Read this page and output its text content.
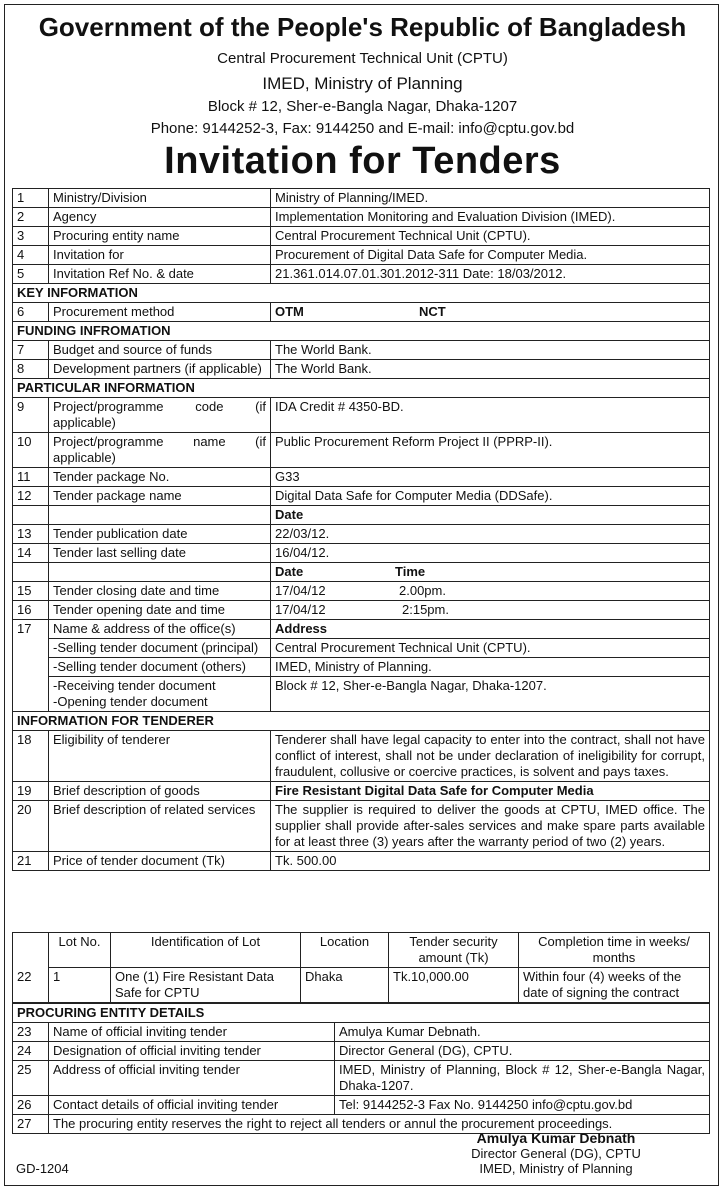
Government of the People's Republic of Bangladesh
Central Procurement Technical Unit (CPTU)
IMED, Ministry of Planning
Block # 12, Sher-e-Bangla Nagar, Dhaka-1207
Phone: 9144252-3, Fax: 9144250 and E-mail: info@cptu.gov.bd
Invitation for Tenders
1	Ministry/Division	Ministry of Planning/IMED.
2	Agency	Implementation Monitoring and Evaluation Division (IMED).
3	Procuring entity name	Central Procurement Technical Unit (CPTU).
4	Invitation for	Procurement of Digital Data Safe for Computer Media.
5	Invitation Ref No. & date	21.361.014.07.01.301.2012-311 Date: 18/03/2012.
KEY INFORMATION		
6	Procurement method	OTM NCT
FUNDING INFROMATION		
7	Budget and source of funds	The World Bank.
8	Development partners (if applicable)	The World Bank.
PARTICULAR INFORMATION		
9	Project/programme code (if applicable)	IDA Credit # 4350-BD.
10	Project/programme name (if applicable)	Public Procurement Reform Project II (PPRP-II).
11	Tender package No.	G33
12	Tender package name	Digital Data Safe for Computer Media (DDSafe).
		Date
13	Tender publication date	22/03/12.
14	Tender last selling date	16/04/12.
		Date Time
15	Tender closing date and time	17/04/12 2.00pm.
16	Tender opening date and time	17/04/12 2:15pm.
17	Name & address of the office(s)	Address
	-Selling tender document (principal)	Central Procurement Technical Unit (CPTU).
	-Selling tender document (others)	IMED, Ministry of Planning.

	-Receiving tender document
-Opening tender document	Block # 12, Sher-e-Bangla Nagar, Dhaka-1207.
INFORMATION FOR TENDERER		
18	Eligibility of tenderer	Tenderer shall have legal capacity to enter into the contract, shall not have conflict of interest, shall not be under declaration of ineligibility for corrupt, fraudulent, collusive or coercive practices, is solvent and pays taxes.
19	Brief description of goods	Fire Resistant Digital Data Safe for Computer Media
20	Brief description of related services	The supplier is required to deliver the goods at CPTU, IMED office. The supplier shall provide after-sales services and make spare parts available for at least three (3) years after the warranty period of two (2) years.
21	Price of tender document (Tk)	Tk. 500.00
	Lot No.	Identification of Lot	Location	Tender security amount (Tk)	Completion time in weeks/ months
22	1	One (1) Fire Resistant Data Safe for CPTU	Dhaka	Tk.10,000.00	Within four (4) weeks of the date of signing the contract
PROCURING ENTITY DETAILS		
23	Name of official inviting tender	Amulya Kumar Debnath.
24	Designation of official inviting tender	Director General (DG), CPTU.
25	Address of official inviting tender	IMED, Ministry of Planning, Block # 12, Sher-e-Bangla Nagar, Dhaka-1207.
26	Contact details of official inviting tender	Tel: 9144252-3 Fax No. 9144250 info@cptu.gov.bd
27	The procuring entity reserves the right to reject all tenders or annul the procurement proceedings.	
Amulya Kumar Debnath
Director General (DG), CPTU
IMED, Ministry of Planning
GD-1204
